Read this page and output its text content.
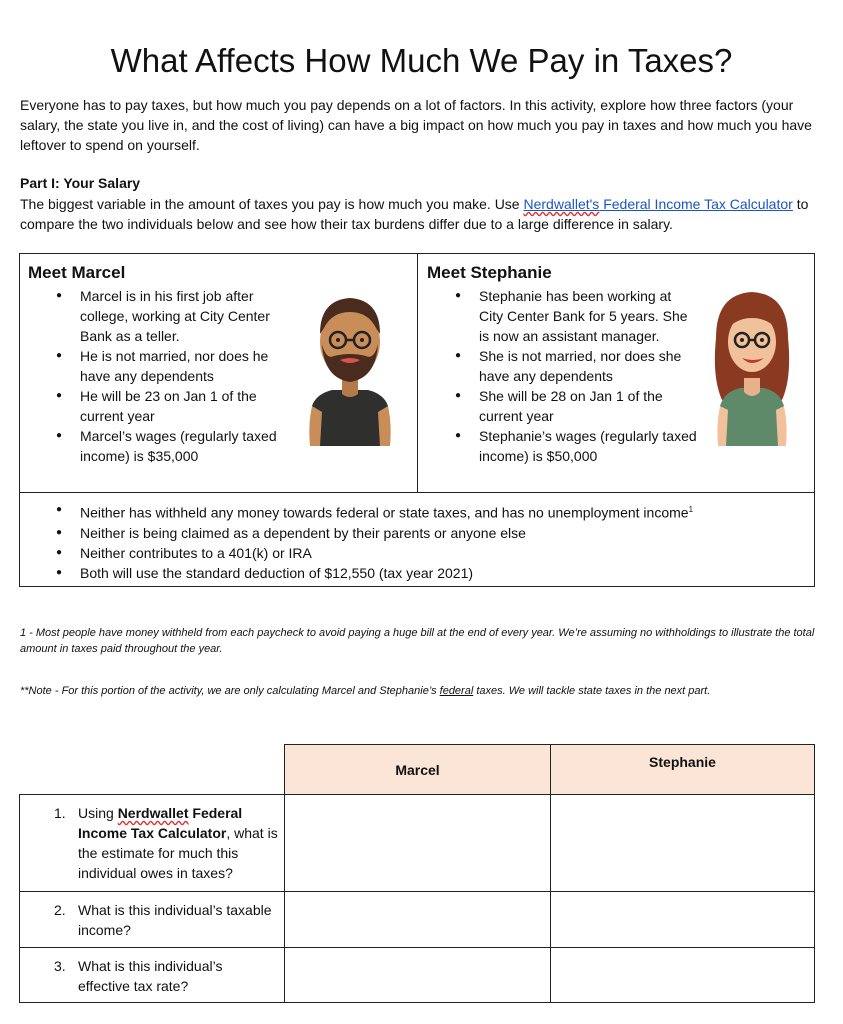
What Affects How Much We Pay in Taxes?

Everyone has to pay taxes, but how much you pay depends on a lot of factors. In this activity, explore how three factors (your salary, the state you live in, and the cost of living) can have a big impact on how much you pay in taxes and how much you have leftover to spend on yourself.

Part I: Your Salary

The biggest variable in the amount of taxes you pay is how much you make. Use Nerdwallet's Federal Income Tax Calculator to compare the two individuals below and see how their tax burdens differ due to a large difference in salary.

Meet Marcel
● Marcel is in his first job after college, working at City Center Bank as a teller.
● He is not married, nor does he have any dependents
● He will be 23 on Jan 1 of the current year
● Marcel’s wages (regularly taxed income) is $35,000
Meet Stephanie
● Stephanie has been working at City Center Bank for 5 years. She is now an assistant manager.
● She is not married, nor does she have any dependents
● She will be 28 on Jan 1 of the current year
● Stephanie’s wages (regularly taxed income) is $50,000
● Neither has withheld any money towards federal or state taxes, and has no unemployment income$^1$
● Neither is being claimed as a dependent by their parents or anyone else
● Neither contributes to a 401(k) or IRA
● Both will use the standard deduction of $12,550 (tax year 2021)

1 - Most people have money withheld from each paycheck to avoid paying a huge bill at the end of every year. We’re assuming no withholdings to illustrate the total amount in taxes paid throughout the year.

**Note - For this portion of the activity, we are only calculating Marcel and Stephanie’s federal taxes. We will tackle state taxes in the next part.

Marcel	Stephanie
1. Using Nerdwallet Federal Income Tax Calculator, what is the estimate for much this individual owes in taxes?
2. What is this individual’s taxable income?
3. What is this individual’s effective tax rate?
